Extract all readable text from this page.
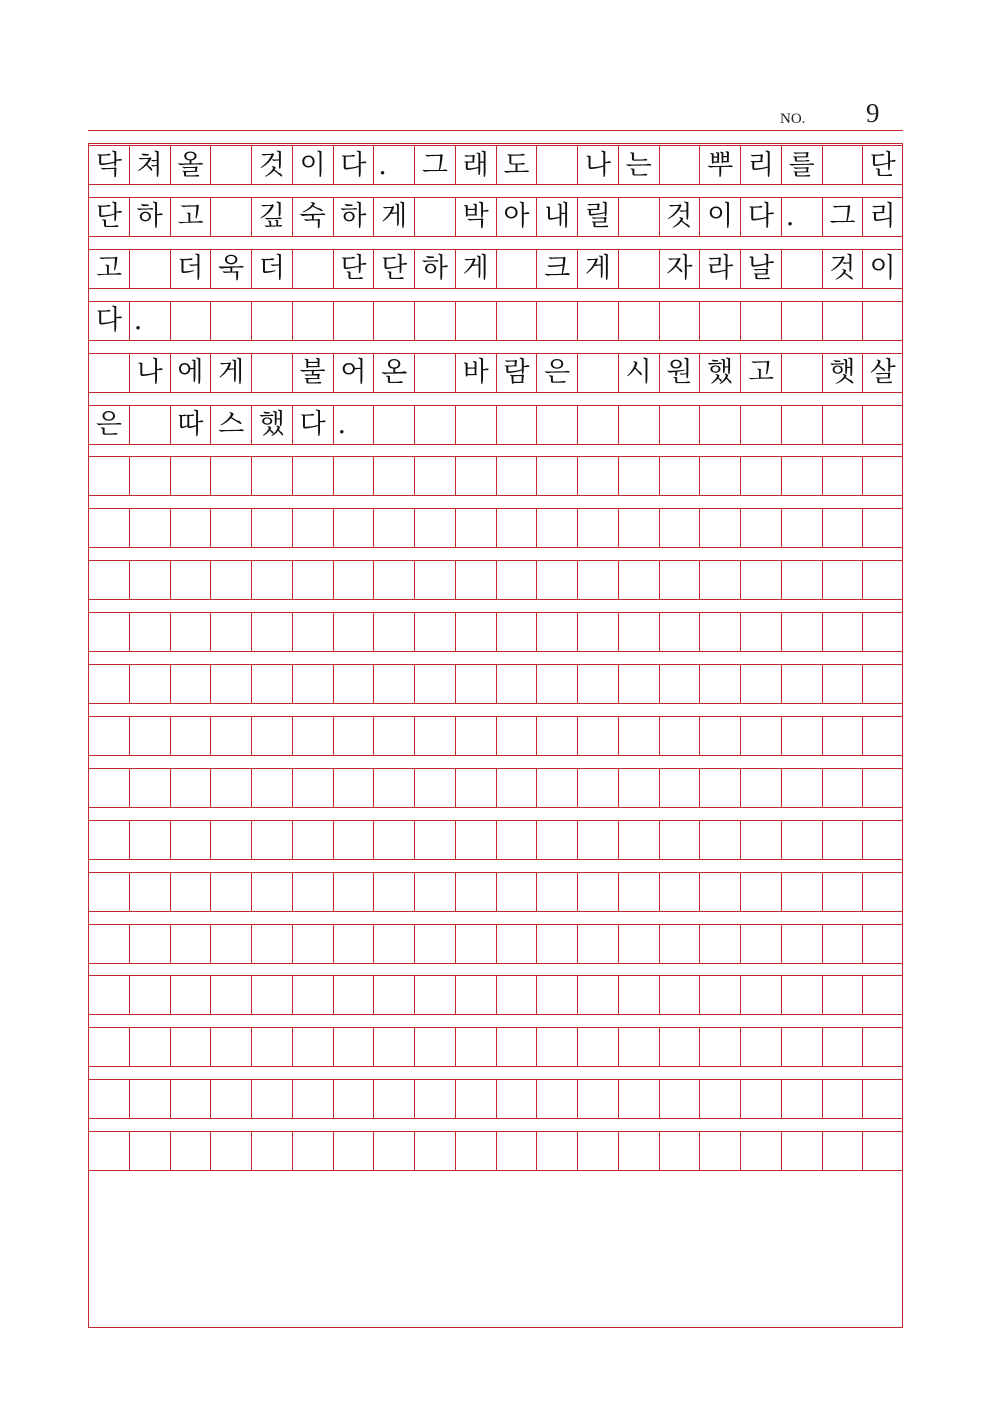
NO. 9
닥 쳐 올 것 이 다 .	그 래 도 나 는 뿌 리 를 단
단 하 고 깊 숙 하 게 박 아 내 릴 것 이 다 .	그 리
고 더 욱 더 단 단 하 게 크 게 자 라 날 것 이
다 .
나 에 게 불 어 온 바 람 은 시 원 했 고 햇 살
은 따 스 했 다 .
